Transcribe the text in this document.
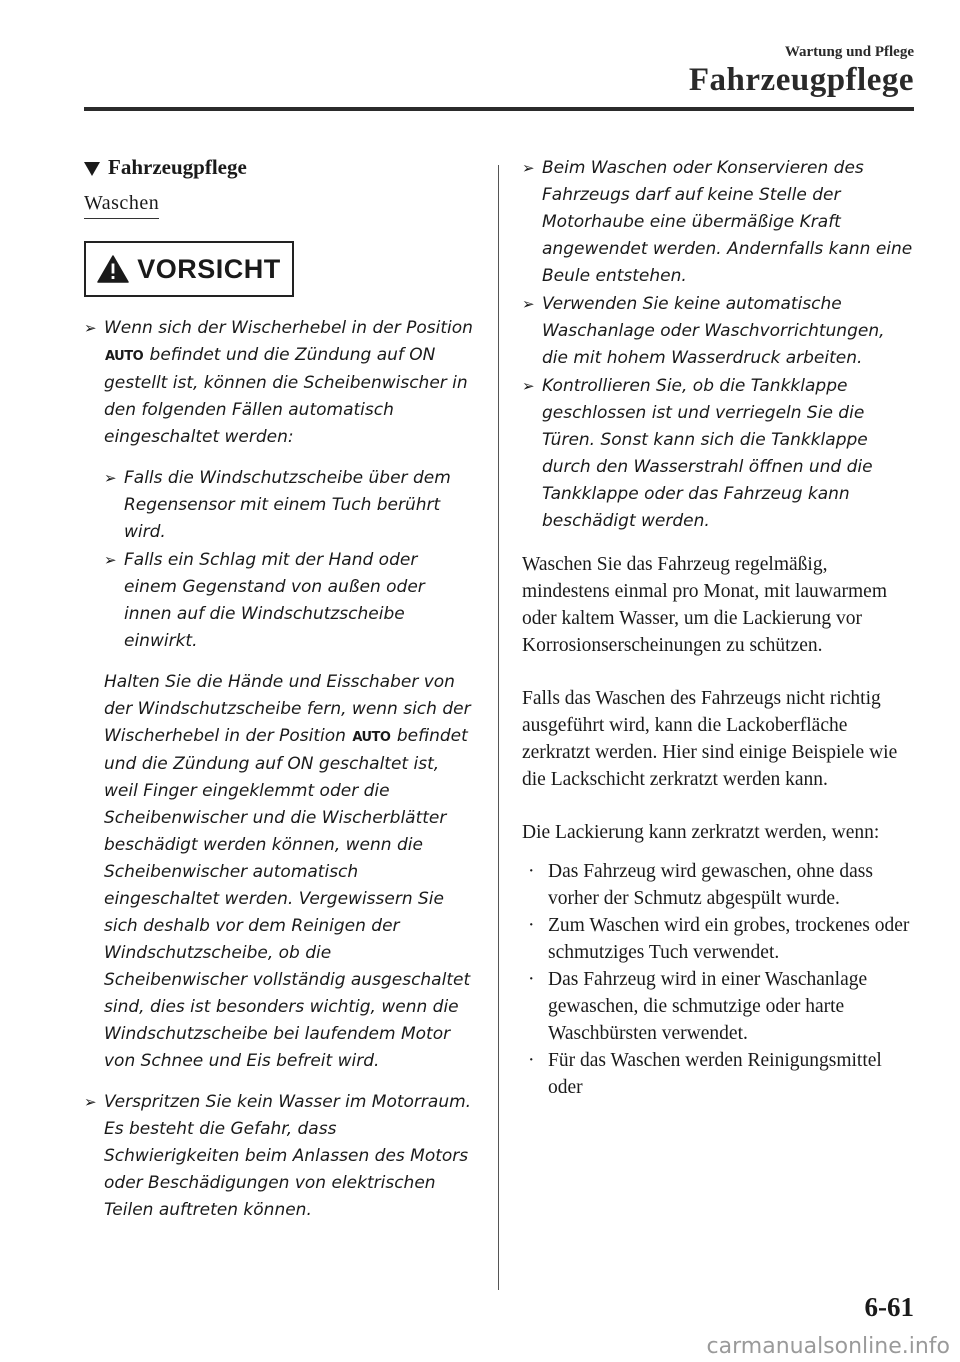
Wartung und Pflege
Fahrzeugpflege
Fahrzeugpflege
Waschen
VORSICHT
➢ Wenn sich der Wischerhebel in der Position AUTO befindet und die Zündung auf ON gestellt ist, können die Scheibenwischer in den folgenden Fällen automatisch eingeschaltet werden:
➢ Falls die Windschutzscheibe über dem Regensensor mit einem Tuch berührt wird.
➢ Falls ein Schlag mit der Hand oder einem Gegenstand von außen oder innen auf die Windschutzscheibe einwirkt.
Halten Sie die Hände und Eisschaber von der Windschutzscheibe fern, wenn sich der Wischerhebel in der Position AUTO befindet und die Zündung auf ON geschaltet ist, weil Finger eingeklemmt oder die Scheibenwischer und die Wischerblätter beschädigt werden können, wenn die Scheibenwischer automatisch eingeschaltet werden. Vergewissern Sie sich deshalb vor dem Reinigen der Windschutzscheibe, ob die Scheibenwischer vollständig ausgeschaltet sind, dies ist besonders wichtig, wenn die Windschutzscheibe bei laufendem Motor von Schnee und Eis befreit wird.
➢ Verspritzen Sie kein Wasser im Motorraum. Es besteht die Gefahr, dass Schwierigkeiten beim Anlassen des Motors oder Beschädigungen von elektrischen Teilen auftreten können.
➢ Beim Waschen oder Konservieren des Fahrzeugs darf auf keine Stelle der Motorhaube eine übermäßige Kraft angewendet werden. Andernfalls kann eine Beule entstehen.
➢ Verwenden Sie keine automatische Waschanlage oder Waschvorrichtungen, die mit hohem Wasserdruck arbeiten.
➢ Kontrollieren Sie, ob die Tankklappe geschlossen ist und verriegeln Sie die Türen. Sonst kann sich die Tankklappe durch den Wasserstrahl öffnen und die Tankklappe oder das Fahrzeug kann beschädigt werden.

Waschen Sie das Fahrzeug regelmäßig, mindestens einmal pro Monat, mit lauwarmem oder kaltem Wasser, um die Lackierung vor Korrosionserscheinungen zu schützen.

Falls das Waschen des Fahrzeugs nicht richtig ausgeführt wird, kann die Lackoberfläche zerkratzt werden. Hier sind einige Beispiele wie die Lackschicht zerkratzt werden kann.

Die Lackierung kann zerkratzt werden, wenn:

· Das Fahrzeug wird gewaschen, ohne dass vorher der Schmutz abgespült wurde.
· Zum Waschen wird ein grobes, trockenes oder schmutziges Tuch verwendet.
· Das Fahrzeug wird in einer Waschanlage gewaschen, die schmutzige oder harte Waschbürsten verwendet.
· Für das Waschen werden Reinigungsmittel oder
6-61
carmanualsonline.info
